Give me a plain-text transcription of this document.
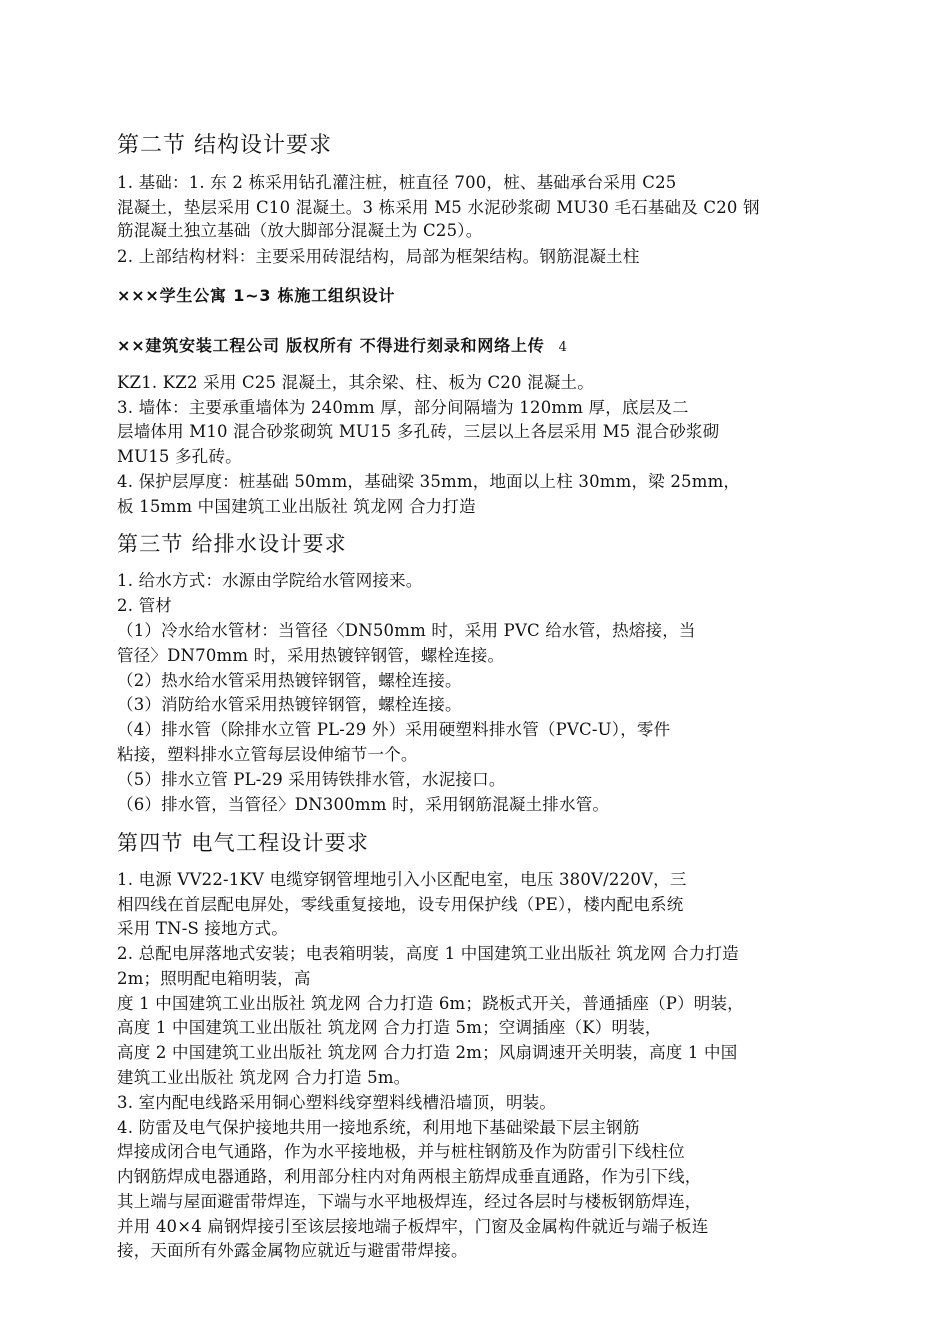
第二节 结构设计要求
1. 基础：1. 东 2 栋采用钻孔灌注桩，桩直径 700，桩、基础承台采用 C25
混凝土，垫层采用 C10 混凝土。3 栋采用 M5 水泥砂浆砌 MU30 毛石基础及 C20 钢
筋混凝土独立基础（放大脚部分混凝土为 C25）。
2. 上部结构材料：主要采用砖混结构，局部为框架结构。钢筋混凝土柱
×××学生公寓 1~3 栋施工组织设计
××建筑安装工程公司 版权所有 不得进行刻录和网络上传 4
KZ1. KZ2 采用 C25 混凝土，其余梁、柱、板为 C20 混凝土。
3. 墙体：主要承重墙体为 240mm 厚，部分间隔墙为 120mm 厚，底层及二
层墙体用 M10 混合砂浆砌筑 MU15 多孔砖，三层以上各层采用 M5 混合砂浆砌
MU15 多孔砖。
4. 保护层厚度：桩基础 50mm，基础梁 35mm，地面以上柱 30mm，梁 25mm，
板 15mm 中国建筑工业出版社 筑龙网 合力打造
第三节 给排水设计要求
1. 给水方式：水源由学院给水管网接来。
2. 管材
（1）冷水给水管材：当管径〈DN50mm 时，采用 PVC 给水管，热熔接，当
管径〉DN70mm 时，采用热镀锌钢管，螺栓连接。
（2）热水给水管采用热镀锌钢管，螺栓连接。
（3）消防给水管采用热镀锌钢管，螺栓连接。
（4）排水管（除排水立管 PL-29 外）采用硬塑料排水管（PVC-U），零件
粘接，塑料排水立管每层设伸缩节一个。
（5）排水立管 PL-29 采用铸铁排水管，水泥接口。
（6）排水管，当管径〉DN300mm 时，采用钢筋混凝土排水管。
第四节 电气工程设计要求
1. 电源 VV22-1KV 电缆穿钢管埋地引入小区配电室，电压 380V/220V，三
相四线在首层配电屏处，零线重复接地，设专用保护线（PE），楼内配电系统
采用 TN-S 接地方式。
2. 总配电屏落地式安装；电表箱明装，高度 1 中国建筑工业出版社 筑龙网 合力打造
2m；照明配电箱明装，高
度 1 中国建筑工业出版社 筑龙网 合力打造 6m；跷板式开关，普通插座（P）明装，
高度 1 中国建筑工业出版社 筑龙网 合力打造 5m；空调插座（K）明装，
高度 2 中国建筑工业出版社 筑龙网 合力打造 2m；风扇调速开关明装，高度 1 中国
建筑工业出版社 筑龙网 合力打造 5m。
3. 室内配电线路采用铜心塑料线穿塑料线槽沿墙顶，明装。
4. 防雷及电气保护接地共用一接地系统，利用地下基础梁最下层主钢筋
焊接成闭合电气通路，作为水平接地极，并与桩柱钢筋及作为防雷引下线柱位
内钢筋焊成电器通路，利用部分柱内对角两根主筋焊成垂直通路，作为引下线，
其上端与屋面避雷带焊连，下端与水平地极焊连，经过各层时与楼板钢筋焊连，
并用 40×4 扁钢焊接引至该层接地端子板焊牢，门窗及金属构件就近与端子板连
接，天面所有外露金属物应就近与避雷带焊接。
